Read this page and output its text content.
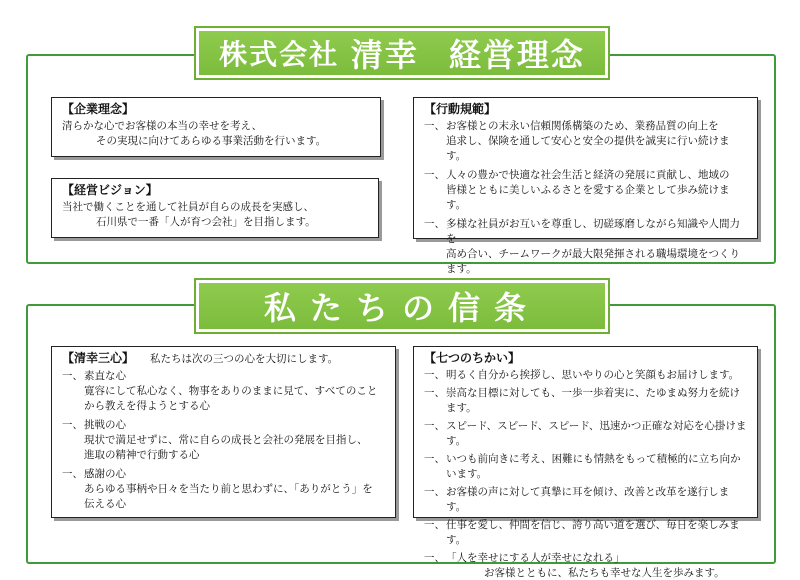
株式会社
清幸
　 経営理念
私たちの信条
【企業理念】
清らかな心でお客様の本当の幸せを考え、
その実現に向けてあらゆる事業活動を行います。
【経営ビジョン】
当社で働くことを通して社員が自らの成長を実感し、
石川県で一番「人が育つ会社」を目指します。
【行動規範】
一、 お客様との末永い信頼関係構築のため、業務品質の向上を
追求し、保険を通して安心と安全の提供を誠実に行い続けます。
一、 人々の豊かで快適な社会生活と経済の発展に貢献し、地域の
皆様とともに美しいふるさとを愛する企業として歩み続けます。
一、 多様な社員がお互いを尊重し、切磋琢磨しながら知識や人間力を
高め合い、チームワークが最大限発揮される職場環境をつくります。
【清幸三心】 私たちは次の三つの心を大切にします。
一、 素直な心
寛容にして私心なく、物事をありのままに見て、すべてのこと
から教えを得ようとする心
一、 挑戦の心
現状で満足せずに、常に自らの成長と会社の発展を目指し、
進取の精神で行動する心
一、 感謝の心
あらゆる事柄や日々を当たり前と思わずに、「ありがとう」を
伝える心
【七つのちかい】
一、 明るく自分から挨拶し、思いやりの心と笑顔もお届けします。
一、 崇高な目標に対しても、一歩一歩着実に、たゆまぬ努力を続けます。
一、 スピード、スピード、スピード、迅速かつ正確な対応を心掛けます。
一、 いつも前向きに考え、困難にも情熱をもって積極的に立ち向かいます。
一、 お客様の声に対して真摯に耳を傾け、改善と改革を遂行します。
一、 仕事を愛し、仲間を信じ、誇り高い道を選び、毎日を楽しみます。
一、 「人を幸せにする人が幸せになれる」
お客様とともに、私たちも幸せな人生を歩みます。
